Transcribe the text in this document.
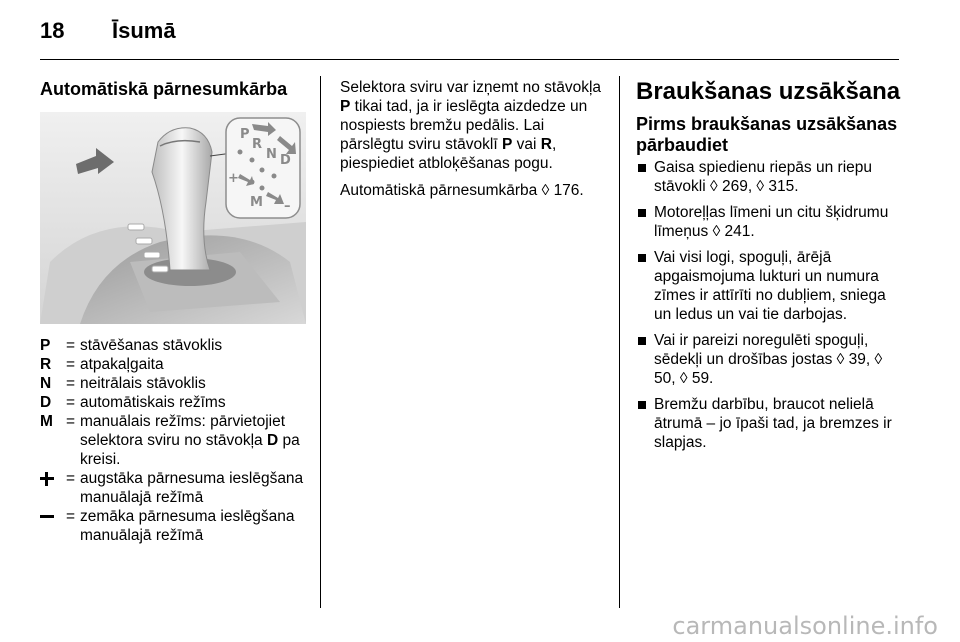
18 Īsumā
Automātiskā pārnesumkārba
P
R
N D
M
+
–
P	= stāvēšanas stāvoklis
R = atpakaļgaita
N = neitrālais stāvoklis
D = automātiskais režīms
M = manuālais režīms: pārvietojiet selektora sviru no stāvokļa D pa kreisi.
= augstāka pārnesuma ieslēgšana manuālajā režīmā
= zemāka pārnesuma ieslēgšana manuālajā režīmā

Selektora sviru var izņemt no stāvokļa P tikai tad, ja ir ieslēgta aizdedze un nospiests bremžu pedālis. Lai pārslēgtu sviru stāvoklī P vai R, piespiediet atbloķēšanas pogu.

Automātiskā pārnesumkārba ◊ 176.

Braukšanas uzsākšana
Pirms braukšanas uzsākšanas pārbaudiet
Gaisa spiedienu riepās un riepu stāvokli ◊ 269, ◊ 315.
Motoreļļas līmeni un citu šķidrumu līmeņus ◊ 241.
Vai visi logi, spoguļi, ārējā apgaismojuma lukturi un numura zīmes ir attīrīti no dubļiem, sniega un ledus un vai tie darbojas.
Vai ir pareizi noregulēti spoguļi, sēdekļi un drošības jostas ◊ 39, ◊ 50, ◊ 59.
Bremžu darbību, braucot nelielā ātrumā – jo īpaši tad, ja bremzes ir slapjas.
carmanualsonline.info
